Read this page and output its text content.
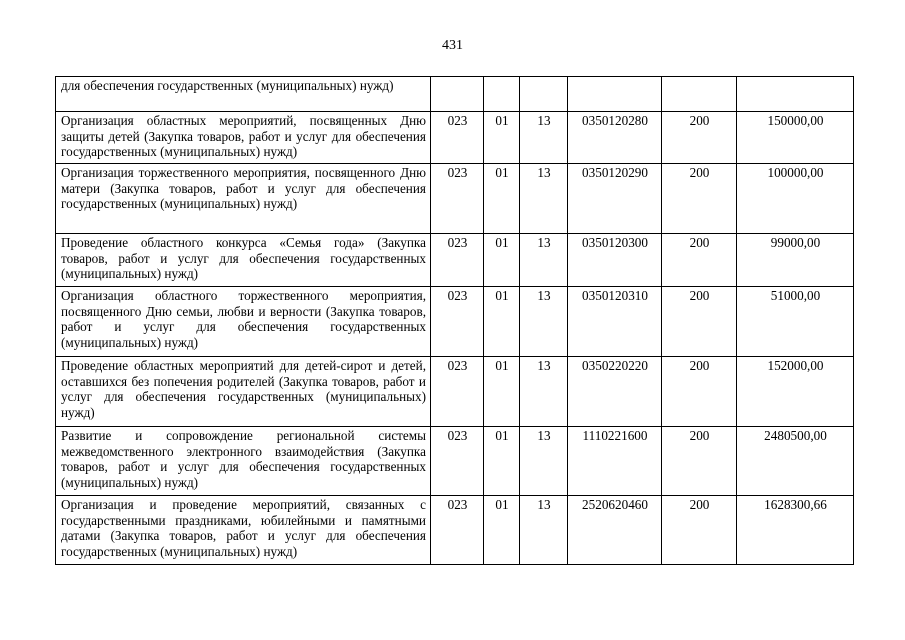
431
для обеспечения государственных (муниципальных) нужд)						
Организация областных мероприятий, посвященных Дню защиты детей (Закупка товаров, работ и услуг для обеспечения государственных (муниципальных) нужд)	023	01	13	0350120280	200	150000,00
Организация торжественного мероприятия, посвященного Дню матери (Закупка товаров, работ и услуг для обеспечения государственных (муниципальных) нужд)	023	01	13	0350120290	200	100000,00
Проведение областного конкурса «Семья года» (Закупка товаров, работ и услуг для обеспечения государственных (муниципальных) нужд)	023	01	13	0350120300	200	99000,00
Организация областного торжественного мероприятия, посвященного Дню семьи, любви и верности (Закупка товаров, работ и услуг для обеспечения государственных (муниципальных) нужд)	023	01	13	0350120310	200	51000,00
Проведение областных мероприятий для детей-сирот и детей, оставшихся без попечения родителей (Закупка товаров, работ и услуг для обеспечения государственных (муниципальных) нужд)	023	01	13	0350220220	200	152000,00
Развитие и сопровождение региональной системы межведомственного электронного взаимодействия (Закупка товаров, работ и услуг для обеспечения государственных (муниципальных) нужд)	023	01	13	1110221600	200	2480500,00
Организация и проведение мероприятий, связанных с государственными праздниками, юбилейными и памятными датами (Закупка товаров, работ и услуг для обеспечения государственных (муниципальных) нужд)	023	01	13	2520620460	200	1628300,66
